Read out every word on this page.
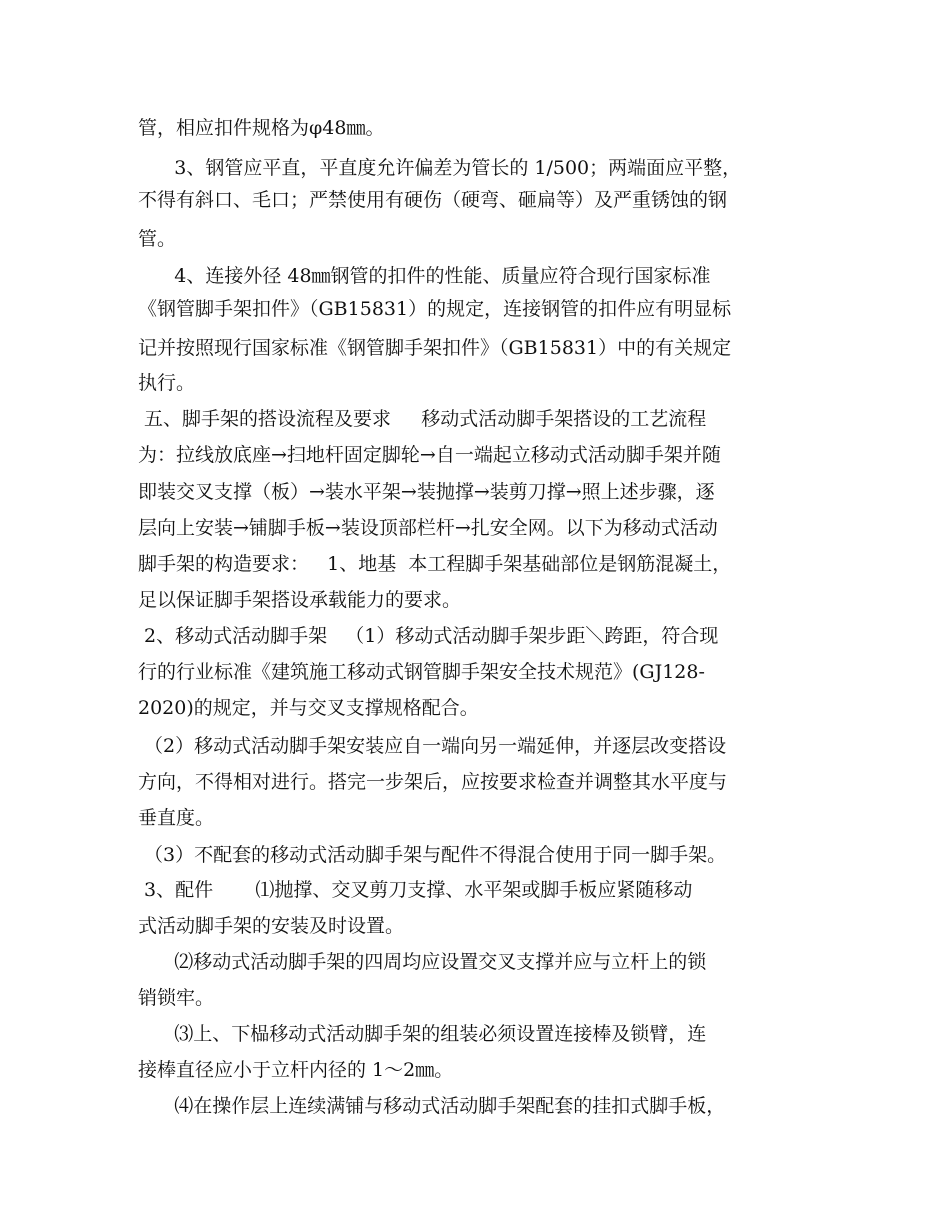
管，相应扣件规格为φ48㎜。
3、钢管应平直，平直度允许偏差为管长的 1/500；两端面应平整，
不得有斜口、毛口；严禁使用有硬伤（硬弯、砸扁等）及严重锈蚀的钢
管。
4、连接外径 48㎜钢管的扣件的性能、质量应符合现行国家标准
《钢管脚手架扣件》（GB15831）的规定，连接钢管的扣件应有明显标
记并按照现行国家标准《钢管脚手架扣件》（GB15831）中的有关规定
执行。
五、脚手架的搭设流程及要求     移动式活动脚手架搭设的工艺流程
为：拉线放底座→扫地杆固定脚轮→自一端起立移动式活动脚手架并随
即装交叉支撑（板）→装水平架→装抛撑→装剪刀撑→照上述步骤，逐
层向上安装→铺脚手板→装设顶部栏杆→扎安全网。以下为移动式活动
脚手架的构造要求：   1、地基  本工程脚手架基础部位是钢筋混凝土，
足以保证脚手架搭设承载能力的要求。
2、移动式活动脚手架   （1）移动式活动脚手架步距＼跨距，符合现
行的行业标准《建筑施工移动式钢管脚手架安全技术规范》(GJ128-
2020)的规定，并与交叉支撑规格配合。
（2）移动式活动脚手架安装应自一端向另一端延伸，并逐层改变搭设
方向，不得相对进行。搭完一步架后，应按要求检查并调整其水平度与
垂直度。
（3）不配套的移动式活动脚手架与配件不得混合使用于同一脚手架。
3、配件       ⑴抛撑、交叉剪刀支撑、水平架或脚手板应紧随移动
式活动脚手架的安装及时设置。
⑵移动式活动脚手架的四周均应设置交叉支撑并应与立杆上的锁
销锁牢。
⑶上、下榀移动式活动脚手架的组装必须设置连接棒及锁臂，连
接棒直径应小于立杆内径的 1～2㎜。
⑷在操作层上连续满铺与移动式活动脚手架配套的挂扣式脚手板，
